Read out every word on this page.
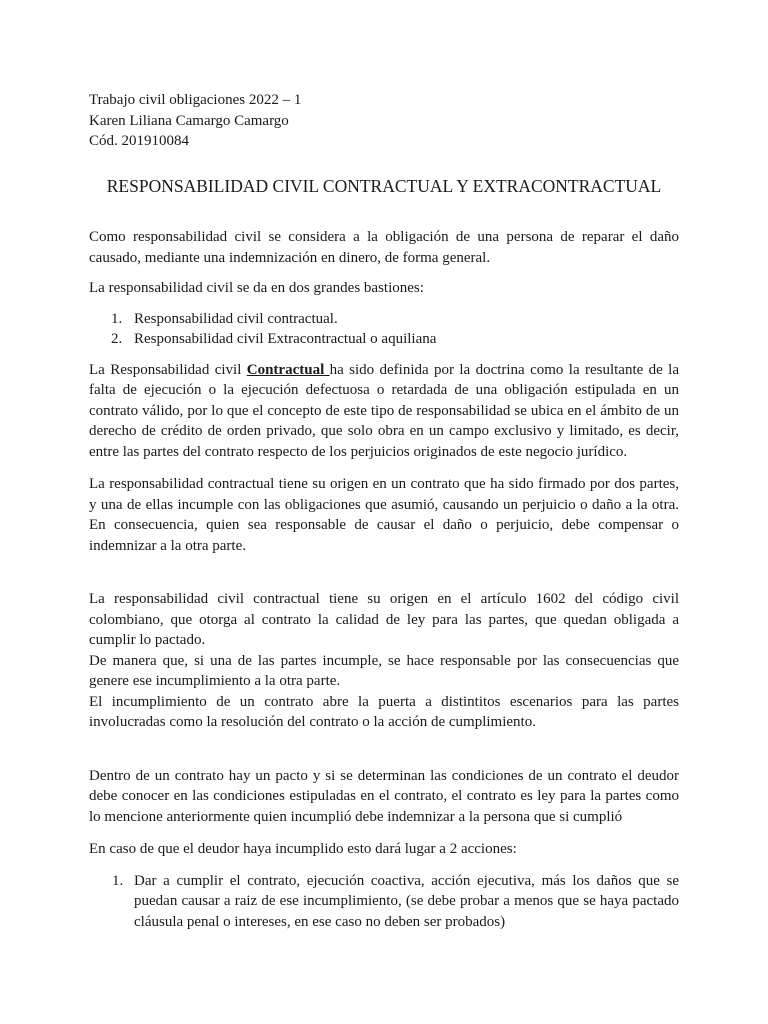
Trabajo civil obligaciones 2022 – 1
Karen Liliana Camargo Camargo
Cód. 201910084
RESPONSABILIDAD CIVIL CONTRACTUAL Y EXTRACONTRACTUAL

Como responsabilidad civil se considera a la obligación de una persona de reparar el daño causado, mediante una indemnización en dinero, de forma general.

La responsabilidad civil se da en dos grandes bastiones:

1. Responsabilidad civil contractual.
2. Responsabilidad civil Extracontractual o aquiliana

La Responsabilidad civil Contractual ha sido definida por la doctrina como la resultante de la falta de ejecución o la ejecución defectuosa o retardada de una obligación estipulada en un contrato válido, por lo que el concepto de este tipo de responsabilidad se ubica en el ámbito de un derecho de crédito de orden privado, que solo obra en un campo exclusivo y limitado, es decir, entre las partes del contrato respecto de los perjuicios originados de este negocio jurídico.

La responsabilidad contractual tiene su origen en un contrato que ha sido firmado por dos partes, y una de ellas incumple con las obligaciones que asumió, causando un perjuicio o daño a la otra. En consecuencia, quien sea responsable de causar el daño o perjuicio, debe compensar o indemnizar a la otra parte.

La responsabilidad civil contractual tiene su origen en el artículo 1602 del código civil colombiano, que otorga al contrato la calidad de ley para las partes, que quedan obligada a cumplir lo pactado.

De manera que, si una de las partes incumple, se hace responsable por las consecuencias que genere ese incumplimiento a la otra parte.

El incumplimiento de un contrato abre la puerta a distintitos escenarios para las partes involucradas como la resolución del contrato o la acción de cumplimiento.

Dentro de un contrato hay un pacto y si se determinan las condiciones de un contrato el deudor debe conocer en las condiciones estipuladas en el contrato, el contrato es ley para la partes como lo mencione anteriormente quien incumplió debe indemnizar a la persona que si cumplió

En caso de que el deudor haya incumplido esto dará lugar a 2 acciones:

1. Dar a cumplir el contrato, ejecución coactiva, acción ejecutiva, más los daños que se puedan causar a raiz de ese incumplimiento, (se debe probar a menos que se haya pactado cláusula penal o intereses, en ese caso no deben ser probados)
